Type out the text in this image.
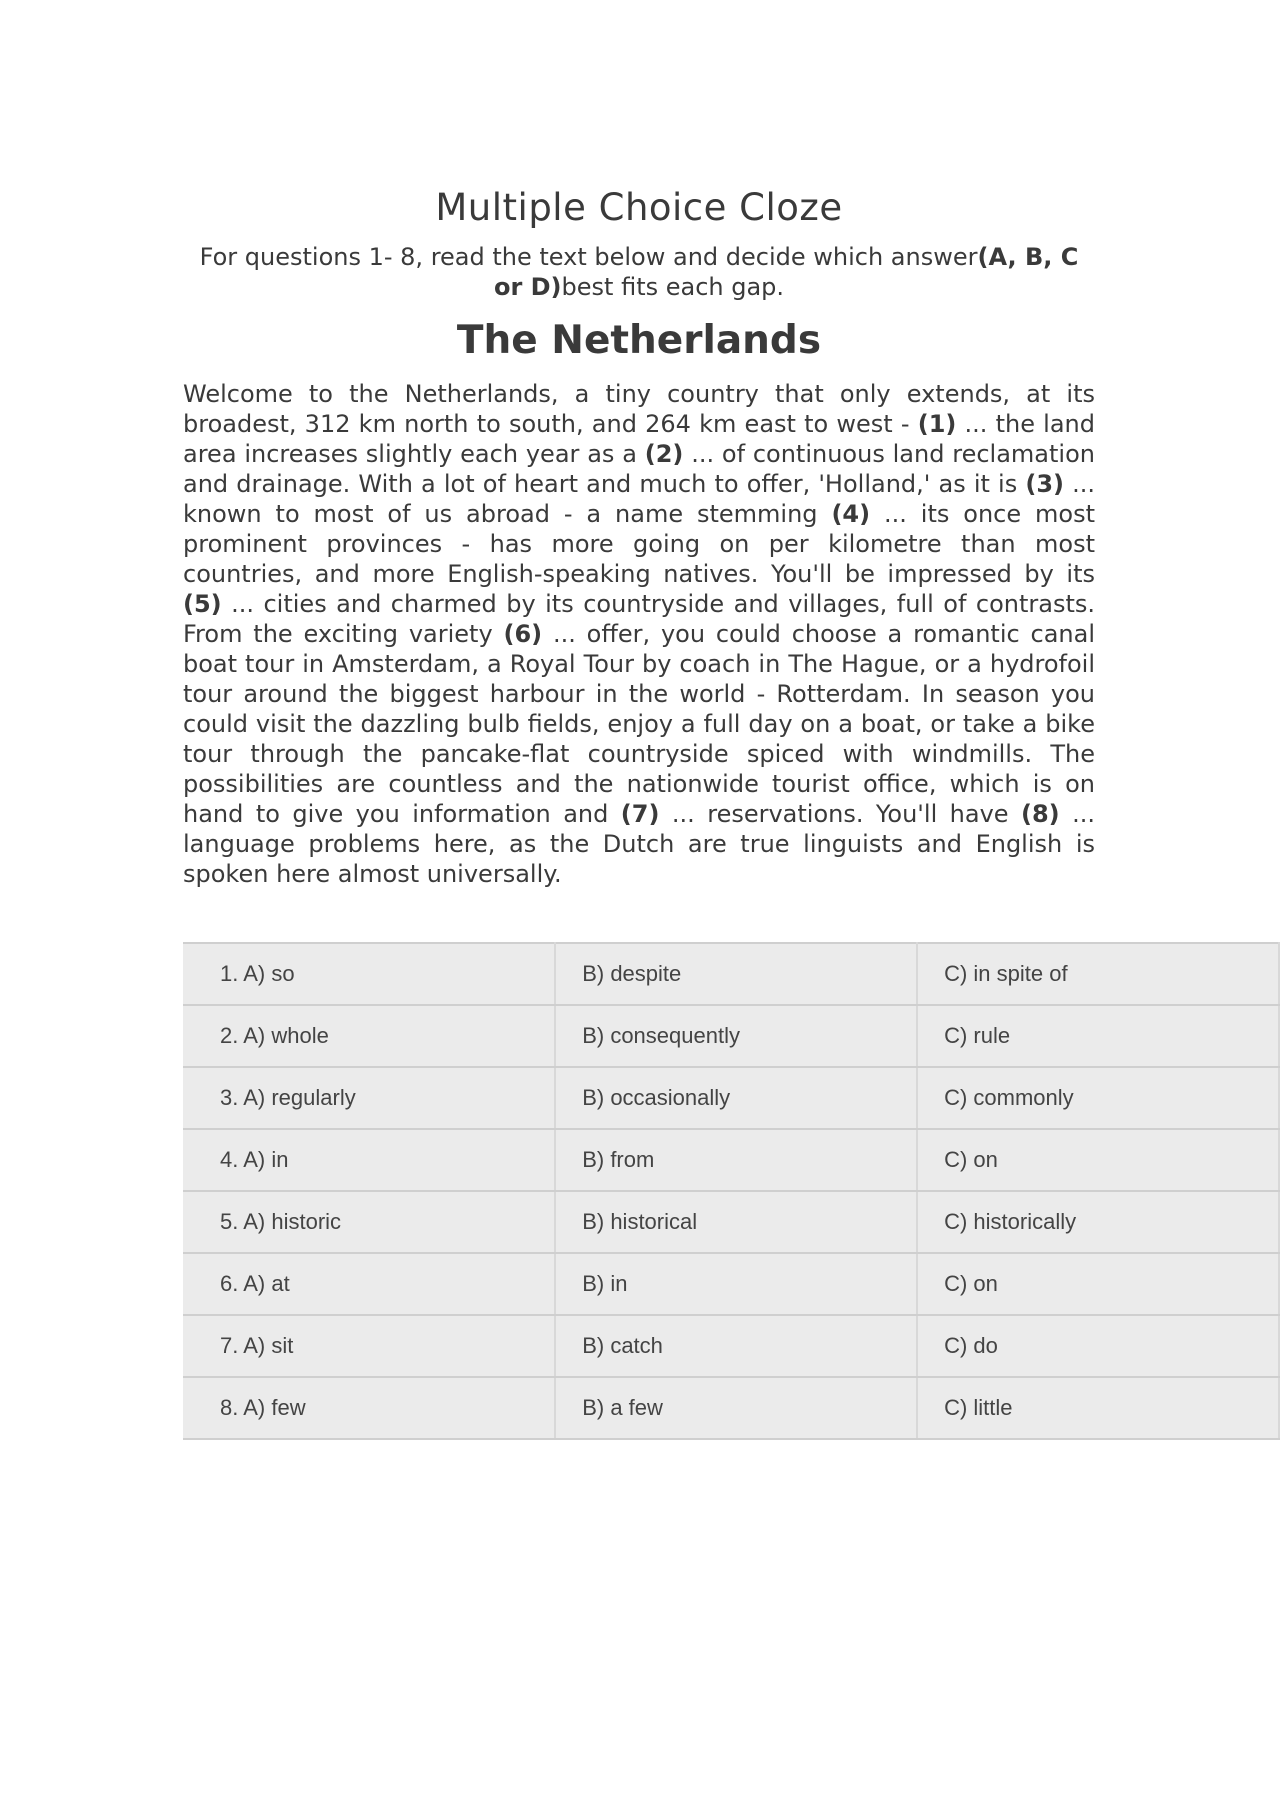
Multiple Choice Cloze

For questions 1- 8, read the text below and decide which answer(A, B, C or D)best fits each gap.

The Netherlands

Welcome to the Netherlands, a tiny country that only extends, at its broadest, 312 km north to south, and 264 km east to west - (1) ... the land area increases slightly each year as a (2) ... of continuous land reclamation and drainage. With a lot of heart and much to offer, 'Holland,' as it is (3) ... known to most of us abroad - a name stemming (4) ... its once most prominent provinces - has more going on per kilometre than most countries, and more English-speaking natives. You'll be impressed by its (5) ... cities and charmed by its countryside and villages, full of contrasts. From the exciting variety (6) ... offer, you could choose a romantic canal boat tour in Amsterdam, a Royal Tour by coach in The Hague, or a hydrofoil tour around the biggest harbour in the world - Rotterdam. In season you could visit the dazzling bulb fields, enjoy a full day on a boat, or take a bike tour through the pancake-flat countryside spiced with windmills. The possibilities are countless and the nationwide tourist office, which is on hand to give you information and (7) ... reservations. You'll have (8) ... language problems here, as the Dutch are true linguists and English is spoken here almost universally.

1. A) so	B) despite	C) in spite of	
2. A) whole	B) consequently	C) rule	
3. A) regularly	B) occasionally	C) commonly	
4. A) in	B) from	C) on	
5. A) historic	B) historical	C) historically	
6. A) at	B) in	C) on	
7. A) sit	B) catch	C) do	
8. A) few	B) a few	C) little	
